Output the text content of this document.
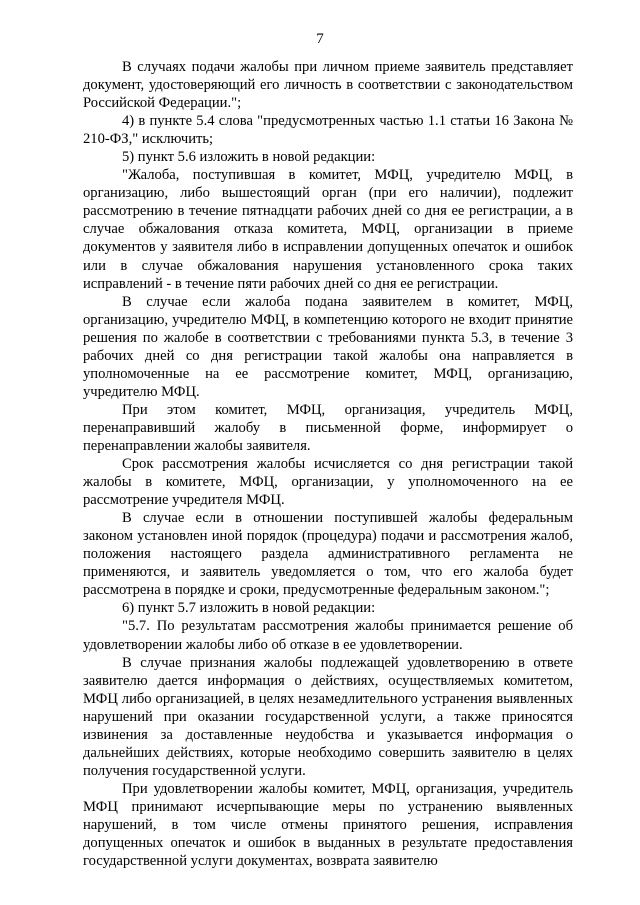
7

В случаях подачи жалобы при личном приеме заявитель представляет документ, удостоверяющий его личность в соответствии с законодательством Российской Федерации.";

4) в пункте 5.4 слова "предусмотренных частью 1.1 статьи 16 Закона № 210-ФЗ," исключить;

5) пункт 5.6 изложить в новой редакции:

"Жалоба, поступившая в комитет, МФЦ, учредителю МФЦ, в организацию, либо вышестоящий орган (при его наличии), подлежит рассмотрению в течение пятнадцати рабочих дней со дня ее регистрации, а в случае обжалования отказа комитета, МФЦ, организации в приеме документов у заявителя либо в исправлении допущенных опечаток и ошибок или в случае обжалования нарушения установленного срока таких исправлений - в течение пяти рабочих дней со дня ее регистрации.

В случае если жалоба подана заявителем в комитет, МФЦ, организацию, учредителю МФЦ, в компетенцию которого не входит принятие решения по жалобе в соответствии с требованиями пункта 5.3, в течение 3 рабочих дней со дня регистрации такой жалобы она направляется в уполномоченные на ее рассмотрение комитет, МФЦ, организацию, учредителю МФЦ.

При этом комитет, МФЦ, организация, учредитель МФЦ, перенаправивший жалобу в письменной форме, информирует о перенаправлении жалобы заявителя.

Срок рассмотрения жалобы исчисляется со дня регистрации такой жалобы в комитете, МФЦ, организации, у уполномоченного на ее рассмотрение учредителя МФЦ.

В случае если в отношении поступившей жалобы федеральным законом установлен иной порядок (процедура) подачи и рассмотрения жалоб, положения настоящего раздела административного регламента не применяются, и заявитель уведомляется о том, что его жалоба будет рассмотрена в порядке и сроки, предусмотренные федеральным законом.";

6) пункт 5.7 изложить в новой редакции:

"5.7. По результатам рассмотрения жалобы принимается решение об удовлетворении жалобы либо об отказе в ее удовлетворении.

В случае признания жалобы подлежащей удовлетворению в ответе заявителю дается информация о действиях, осуществляемых комитетом, МФЦ либо организацией, в целях незамедлительного устранения выявленных нарушений при оказании государственной услуги, а также приносятся извинения за доставленные неудобства и указывается информация о дальнейших действиях, которые необходимо совершить заявителю в целях получения государственной услуги.

При удовлетворении жалобы комитет, МФЦ, организация, учредитель МФЦ принимают исчерпывающие меры по устранению выявленных нарушений, в том числе отмены принятого решения, исправления допущенных опечаток и ошибок в выданных в результате предоставления государственной услуги документах, возврата заявителю
